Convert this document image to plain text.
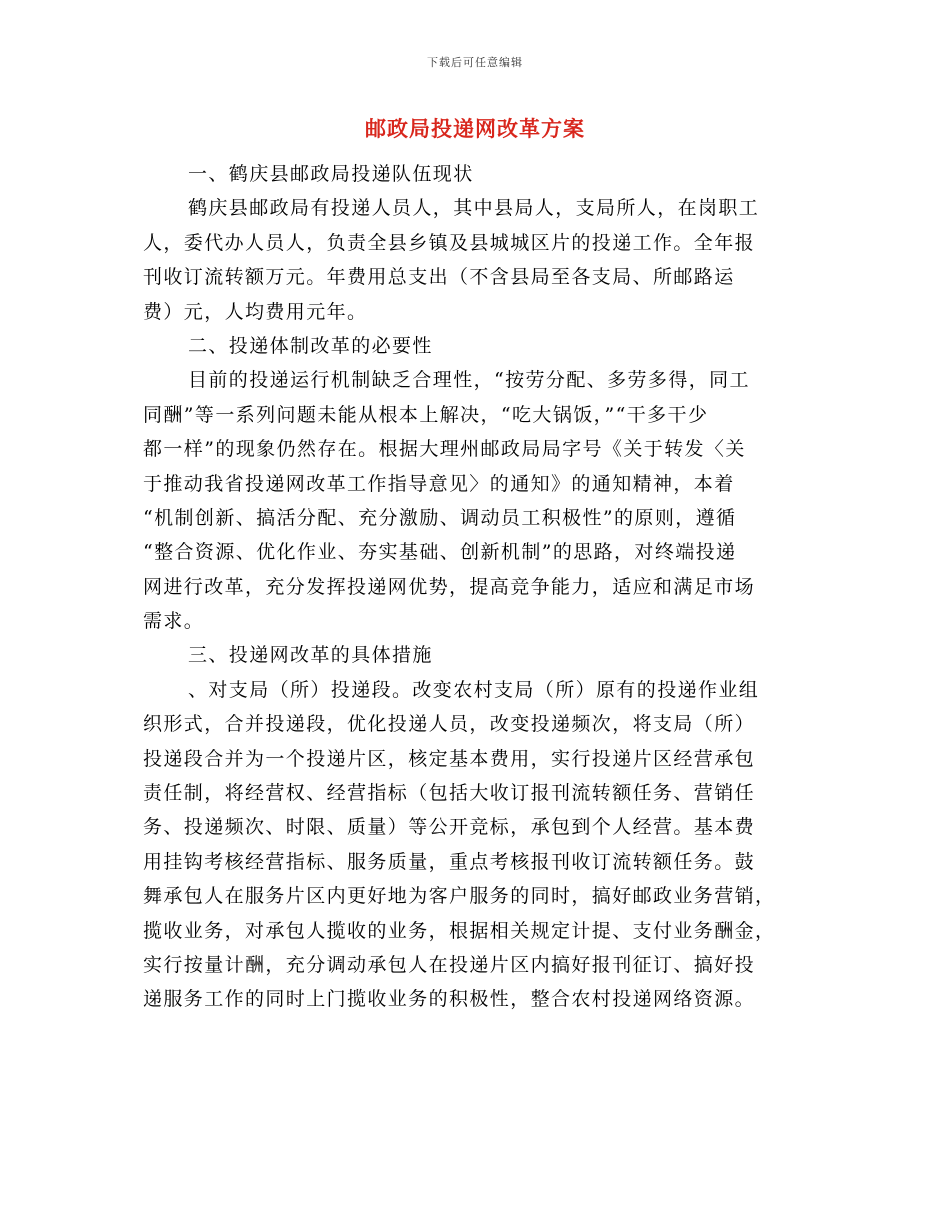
下载后可任意编辑
邮政局投递网改革方案
一、鹤庆县邮政局投递队伍现状
鹤庆县邮政局有投递人员人，其中县局人，支局所人，在岗职工
人，委代办人员人，负责全县乡镇及县城城区片的投递工作。全年报
刊收订流转额万元。年费用总支出（不含县局至各支局、所邮路运
费）元，人均费用元年。
二、投递体制改革的必要性
目前的投递运行机制缺乏合理性，“按劳分配、多劳多得，同工
同酬”等一系列问题未能从根本上解决，“吃大锅饭，”“干多干少
都一样”的现象仍然存在。根据大理州邮政局局字号《关于转发〈关
于推动我省投递网改革工作指导意见〉的通知》的通知精神，本着
“机制创新、搞活分配、充分激励、调动员工积极性”的原则，遵循
“整合资源、优化作业、夯实基础、创新机制”的思路，对终端投递
网进行改革，充分发挥投递网优势，提高竞争能力，适应和满足市场
需求。
三、投递网改革的具体措施
、对支局（所）投递段。改变农村支局（所）原有的投递作业组
织形式，合并投递段，优化投递人员，改变投递频次，将支局（所）
投递段合并为一个投递片区，核定基本费用，实行投递片区经营承包
责任制，将经营权、经营指标（包括大收订报刊流转额任务、营销任
务、投递频次、时限、质量）等公开竞标，承包到个人经营。基本费
用挂钩考核经营指标、服务质量，重点考核报刊收订流转额任务。鼓
舞承包人在服务片区内更好地为客户服务的同时，搞好邮政业务营销，
揽收业务，对承包人揽收的业务，根据相关规定计提、支付业务酬金，
实行按量计酬，充分调动承包人在投递片区内搞好报刊征订、搞好投
递服务工作的同时上门揽收业务的积极性，整合农村投递网络资源。
